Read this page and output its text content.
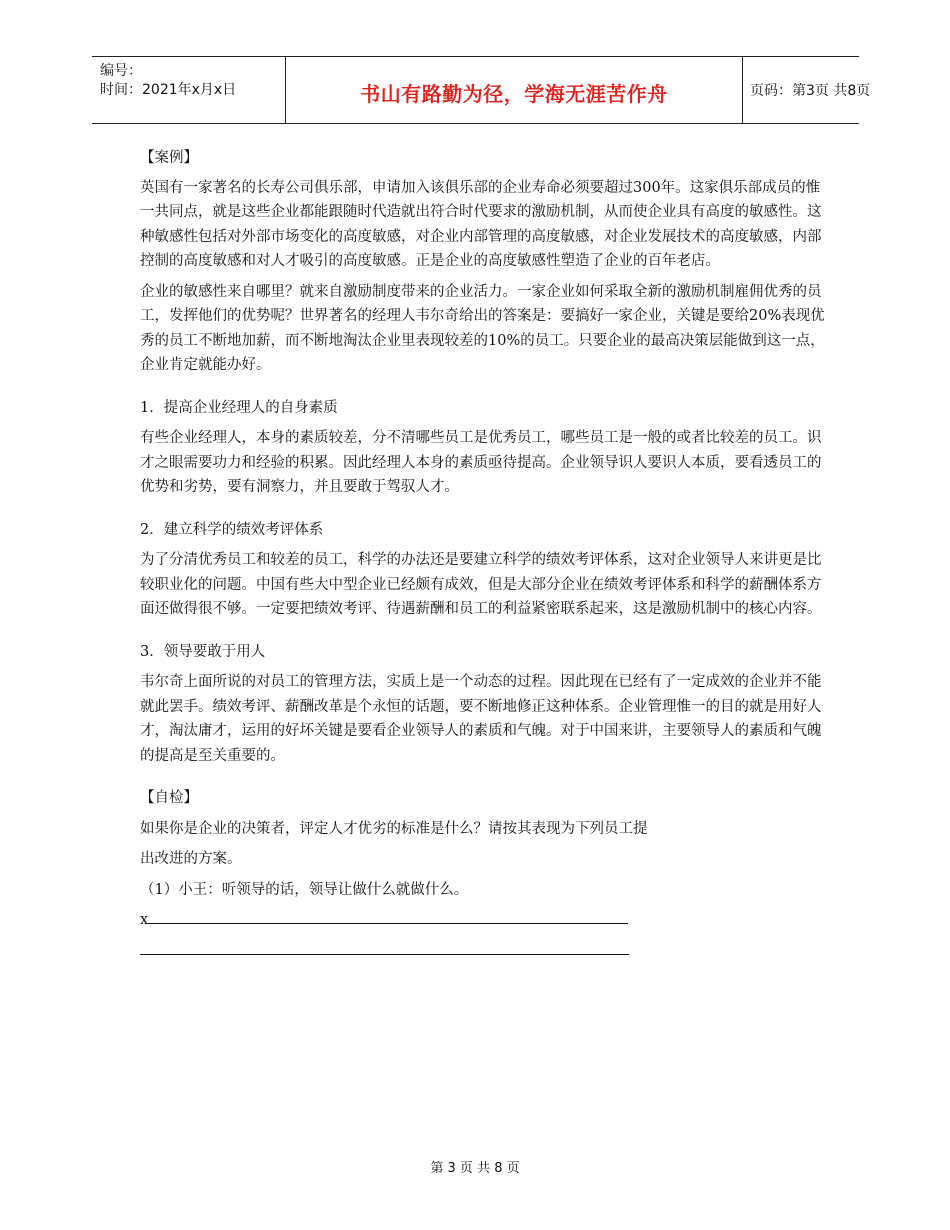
编号：
时间：2021年x月x日	书山有路勤为径，学海无涯苦作舟	页码：第3页 共8页

【案例】

英国有一家著名的长寿公司俱乐部，申请加入该俱乐部的企业寿命必须要超过300年。这家俱乐部成员的惟一共同点，就是这些企业都能跟随时代造就出符合时代要求的激励机制，从而使企业具有高度的敏感性。这种敏感性包括对外部市场变化的高度敏感，对企业内部管理的高度敏感，对企业发展技术的高度敏感，内部控制的高度敏感和对人才吸引的高度敏感。正是企业的高度敏感性塑造了企业的百年老店。

企业的敏感性来自哪里？就来自激励制度带来的企业活力。一家企业如何采取全新的激励机制雇佣优秀的员工，发挥他们的优势呢？世界著名的经理人韦尔奇给出的答案是：要搞好一家企业，关键是要给20%表现优秀的员工不断地加薪，而不断地淘汰企业里表现较差的10%的员工。只要企业的最高决策层能做到这一点，企业肯定就能办好。

1．提高企业经理人的自身素质

有些企业经理人，本身的素质较差，分不清哪些员工是优秀员工，哪些员工是一般的或者比较差的员工。识才之眼需要功力和经验的积累。因此经理人本身的素质亟待提高。企业领导识人要识人本质，要看透员工的优势和劣势，要有洞察力，并且要敢于驾驭人才。

2．建立科学的绩效考评体系

为了分清优秀员工和较差的员工，科学的办法还是要建立科学的绩效考评体系，这对企业领导人来讲更是比较职业化的问题。中国有些大中型企业已经颇有成效，但是大部分企业在绩效考评体系和科学的薪酬体系方面还做得很不够。一定要把绩效考评、待遇薪酬和员工的利益紧密联系起来，这是激励机制中的核心内容。

3．领导要敢于用人

韦尔奇上面所说的对员工的管理方法，实质上是一个动态的过程。因此现在已经有了一定成效的企业并不能就此罢手。绩效考评、薪酬改革是个永恒的话题，要不断地修正这种体系。企业管理惟一的目的就是用好人才，淘汰庸才，运用的好坏关键是要看企业领导人的素质和气魄。对于中国来讲，主要领导人的素质和气魄的提高是至关重要的。

【自检】

如果你是企业的决策者，评定人才优劣的标准是什么？请按其表现为下列员工提

出改进的方案。

（1）小王：听领导的话，领导让做什么就做什么。

x

第 3 页 共 8 页
